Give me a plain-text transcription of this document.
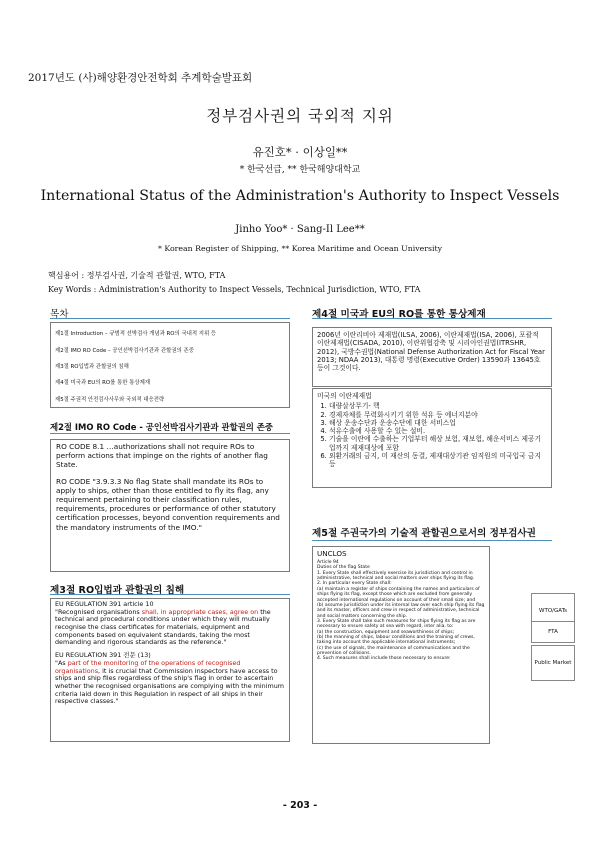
2017년도 (사)해양환경안전학회 추계학술발표회
정부검사권의 국외적 지위
유진호* · 이상일**
* 한국선급, ** 한국해양대학교
International Status of the Administration's Authority to Inspect Vessels
Jinho Yoo* · Sang-Il Lee**
* Korean Register of Shipping, ** Korea Maritime and Ocean University
핵심용어 : 정부검사권, 기술적 관할권, WTO, FTA
Key Words : Administration's Authority to Inspect Vessels, Technical Jurisdiction, WTO, FTA
목차
제1절 Introduction – 규범적 선박검사 개념과 RO의 국내적 지위 등
제2절 IMO RO Code – 공인선박검사기관과 관할권의 존중
제3절 RO입법과 관할권의 침해
제4절 미국과 EU의 RO를 통한 통상제재
제5절 주권적 안전검사사무와 국외적 대응전략
제2절 IMO RO Code - 공인선박검사기관과 관할권의 존중

RO CODE 8.1 …authorizations shall not require ROs to perform actions that impinge on the rights of another flag State.

RO CODE "3.9.3.3 No flag State shall mandate its ROs to apply to ships, other than those entitled to fly its flag, any requirement pertaining to their classification rules, requirements, procedures or performance of other statutory certification processes, beyond convention requirements and the mandatory instruments of the IMO."

제3절 RO입법과 관할권의 침해
EU REGULATION 391 article 10

"Recognised organisations shall, in appropriate cases, agree on the technical and procedural conditions under which they will mutually recognise the class certificates for materials, equipment and components based on equivalent standards, taking the most demanding and rigorous standards as the reference."

EU REGULATION 391 전문 (13)

"As part of the monitoring of the operations of recognised organisations, it is crucial that Commission inspectors have access to ships and ship files regardless of the ship's flag in order to ascertain whether the recognised organisations are complying with the minimum criteria laid down in this Regulation in respect of all ships in their respective classes."

제4절 미국과 EU의 RO를 통한 통상제재
2006년 이란리비아 제재법(ILSA, 2006), 이란제재법(ISA, 2006), 포괄적 이란제재법(CISADA, 2010), 이란위협감축 및 시리아인권법(ITRSHR, 2012), 국방수권법(National Defense Authorization Act for Fiscal Year 2013; NDAA 2013), 대통령 명령(Executive Order) 13590과 13645호 등이 그것이다.
미국의 이란제재법
1. 대량살상무기- 핵
2. 경제자체를 무력화시키기 위한 석유 등 에너지분야
3. 해상 운송수단과 운송수단에 대한 서비스업
4. 석유수출에 사용할 수 있는 설비.
5. 기술을 이란에 수출하는 기업부터 해상 보험, 재보험, 해운서비스 제공기업까지 제재대상에 포함
6. 외환거래의 금지, 미 재산의 동결, 제재대상기관 임직원의 미국입국 금지 등
제5절 주권국가의 기술적 관할권으로서의 정부검사권
UNCLOS
Article 94
Duties of the flag State
1. Every State shall effectively exercise its jurisdiction and control in administrative, technical and social matters over ships flying its flag.
2. In particular every State shall:
(a) maintain a register of ships containing the names and particulars of ships flying its flag, except those which are excluded from generally accepted international regulations on account of their small size; and
(b) assume jurisdiction under its internal law over each ship flying its flag and its master, officers and crew in respect of administrative, technical and social matters concerning the ship.
3. Every State shall take such measures for ships flying its flag as are necessary to ensure safety at sea with regard, inter alia, to:
(a) the construction, equipment and seaworthiness of ships;
(b) the manning of ships, labour conditions and the training of crews, taking into account the applicable international instruments;
(c) the use of signals, the maintenance of communications and the prevention of collisions.
4. Such measures shall include those necessary to ensure:
WTO/GATs
FTA
Public Market
- 203 -
